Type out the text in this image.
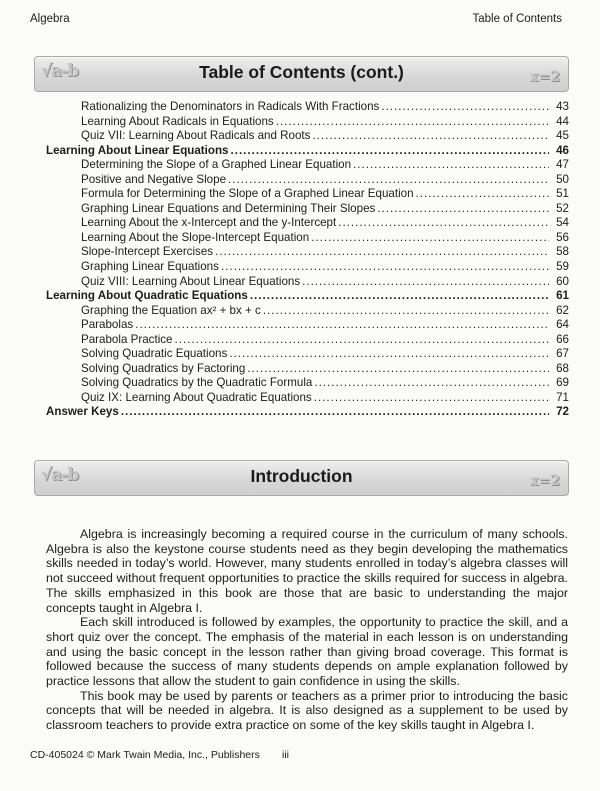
Algebra	Table of Contents
√a-b	Table of Contents (cont.)	x=2
Rationalizing the Denominators in Radicals With Fractions .....	43
Learning About Radicals in Equations .....	44
Quiz VII: Learning About Radicals and Roots .....	45
Learning About Linear Equations .....	46
Determining the Slope of a Graphed Linear Equation .....	47
Positive and Negative Slope .....	50
Formula for Determining the Slope of a Graphed Linear Equation .....	51
Graphing Linear Equations and Determining Their Slopes .....	52
Learning About the x-Intercept and the y-Intercept .....	54
Learning About the Slope-Intercept Equation .....	56
Slope-Intercept Exercises .....	58
Graphing Linear Equations .....	59
Quiz VIII: Learning About Linear Equations .....	60
Learning About Quadratic Equations .....	61
Graphing the Equation ax² + bx + c .....	62
Parabolas .....	64
Parabola Practice .....	66
Solving Quadratic Equations .....	67
Solving Quadratics by Factoring .....	68
Solving Quadratics by the Quadratic Formula .....	69
Quiz IX: Learning About Quadratic Equations .....	71
Answer Keys .....	72
√a-b	Introduction	x=2

Algebra is increasingly becoming a required course in the curriculum of many schools. Algebra is also the keystone course students need as they begin developing the mathematics skills needed in today’s world. However, many students enrolled in today’s algebra classes will not succeed without frequent opportunities to practice the skills required for success in algebra. The skills emphasized in this book are those that are basic to understanding the major concepts taught in Algebra I.

Each skill introduced is followed by examples, the opportunity to practice the skill, and a short quiz over the concept. The emphasis of the material in each lesson is on understanding and using the basic concept in the lesson rather than giving broad coverage. This format is followed because the success of many students depends on ample explanation followed by practice lessons that allow the student to gain confidence in using the skills.

This book may be used by parents or teachers as a primer prior to introducing the basic concepts that will be needed in algebra. It is also designed as a supplement to be used by classroom teachers to provide extra practice on some of the key skills taught in Algebra I.

CD-405024 © Mark Twain Media, Inc., Publishers iii
